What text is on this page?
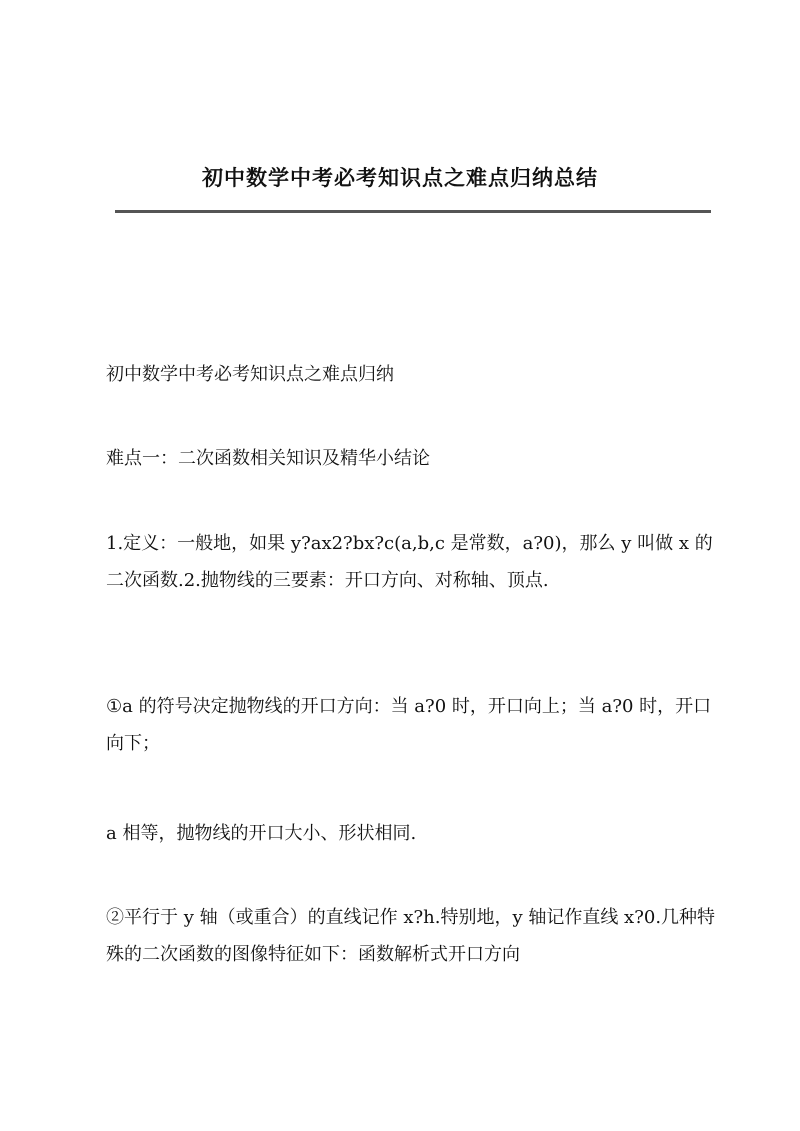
初中数学中考必考知识点之难点归纳总结

初中数学中考必考知识点之难点归纳

难点一：二次函数相关知识及精华小结论

1.定义：一般地，如果 y?ax2?bx?c(a,b,c 是常数，a?0)，那么 y 叫做 x 的二次函数.2.抛物线的三要素：开口方向、对称轴、顶点.

①a 的符号决定抛物线的开口方向：当 a?0 时，开口向上；当 a?0 时，开口向下；

a 相等，抛物线的开口大小、形状相同.

②平行于 y 轴（或重合）的直线记作 x?h.特别地，y 轴记作直线 x?0.几种特殊的二次函数的图像特征如下：函数解析式开口方向
